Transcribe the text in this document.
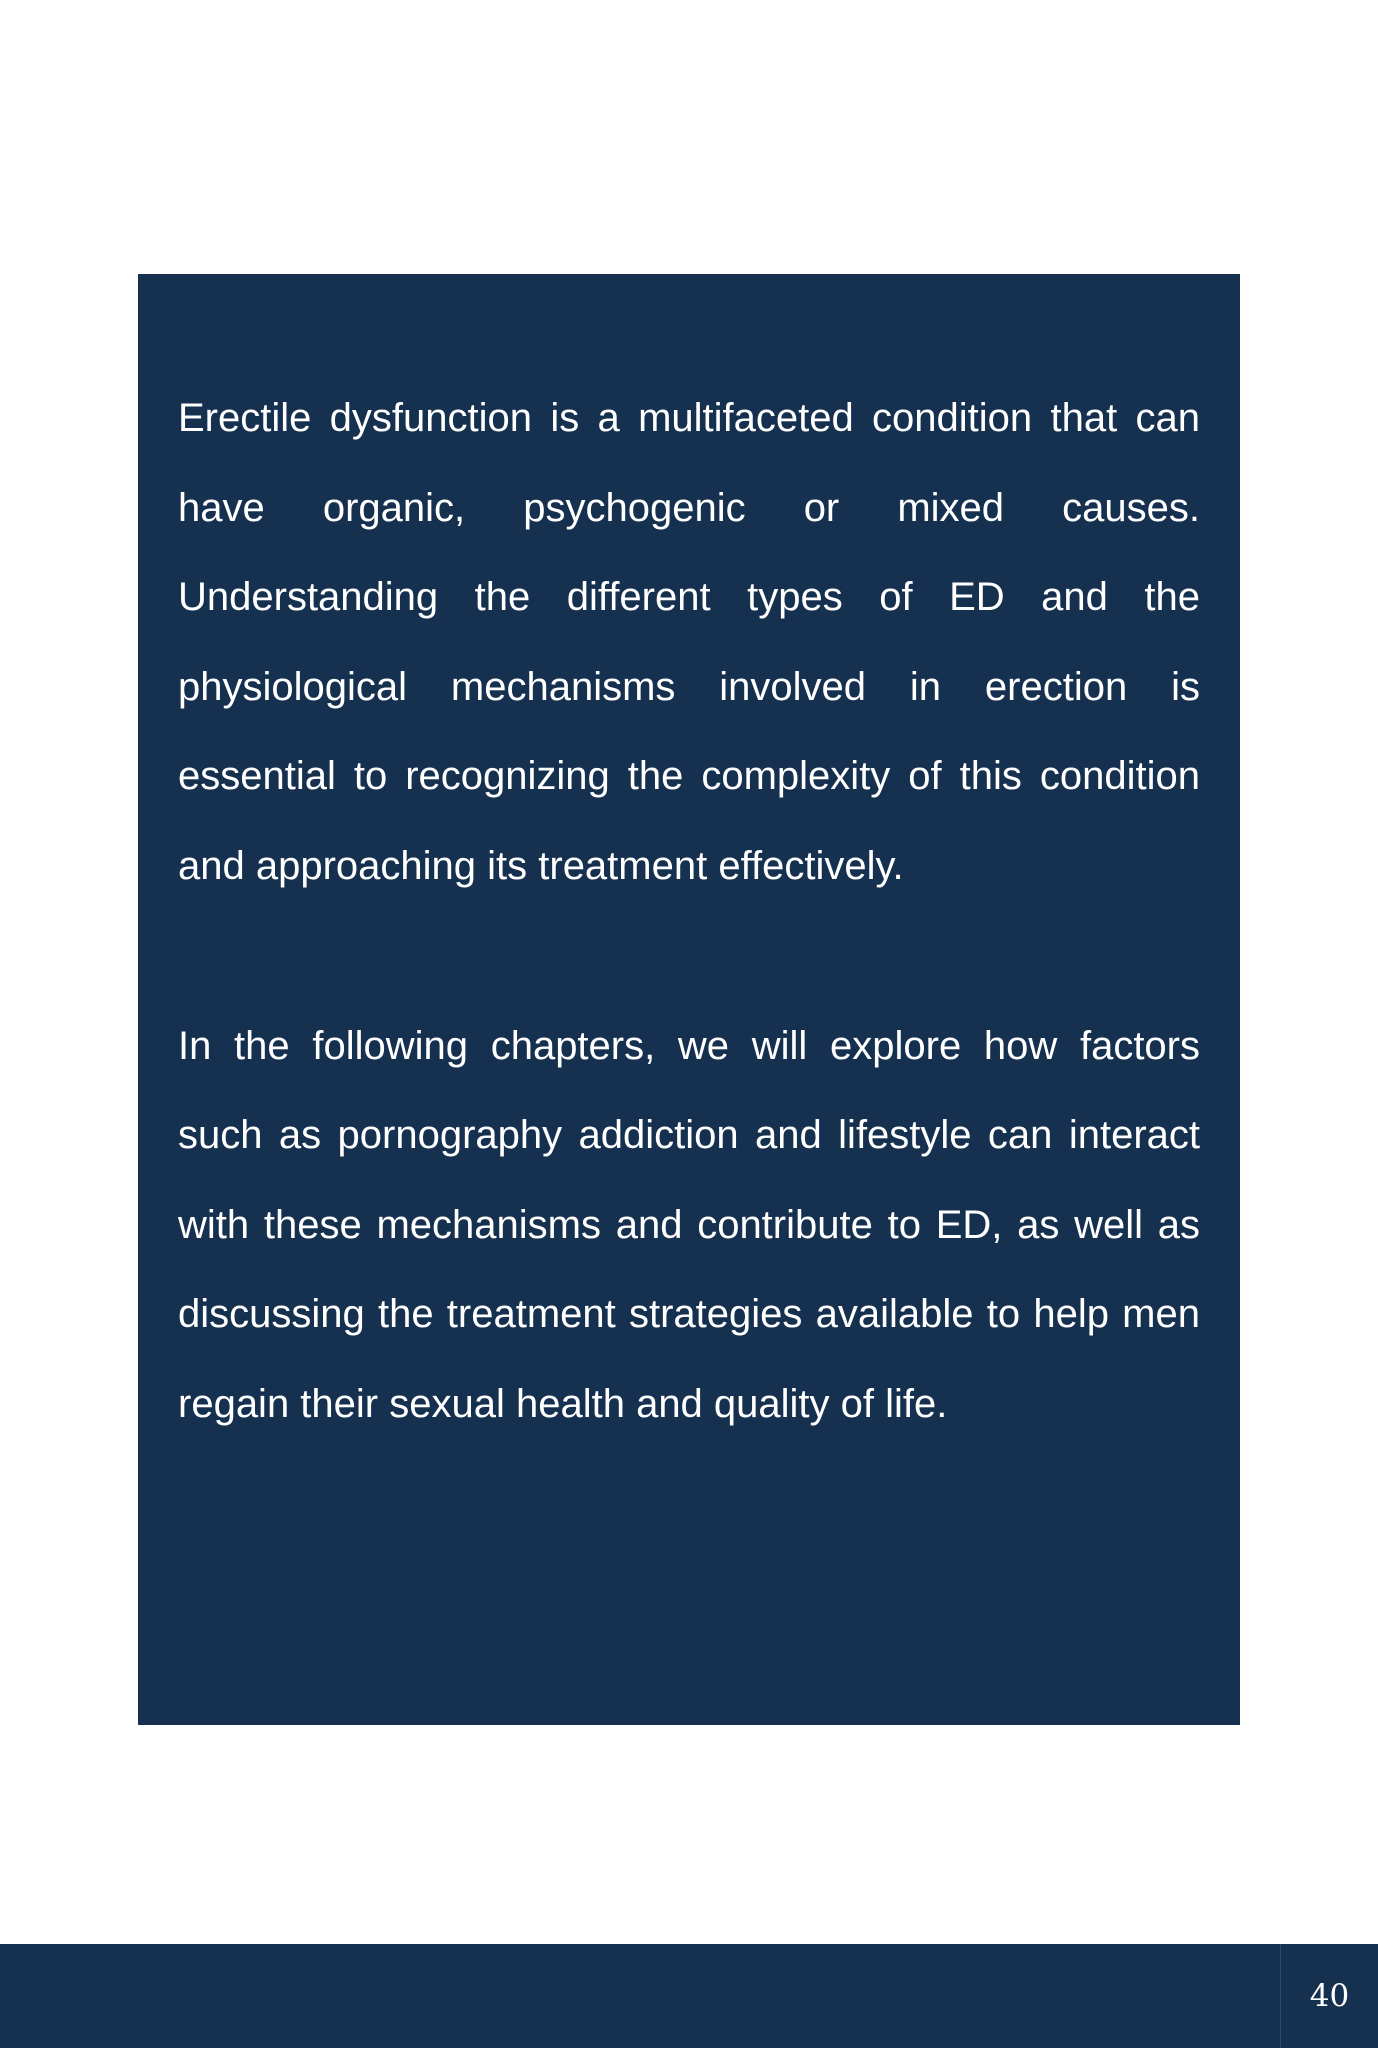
Erectile dysfunction is a multifaceted condition that can have organic, psychogenic or mixed causes. Understanding the different types of ED and the physiological mechanisms involved in erection is essential to recognizing the complexity of this condition and approaching its treatment effectively.

In the following chapters, we will explore how factors such as pornography addiction and lifestyle can interact with these mechanisms and contribute to ED, as well as discussing the treatment strategies available to help men regain their sexual health and quality of life.

40
